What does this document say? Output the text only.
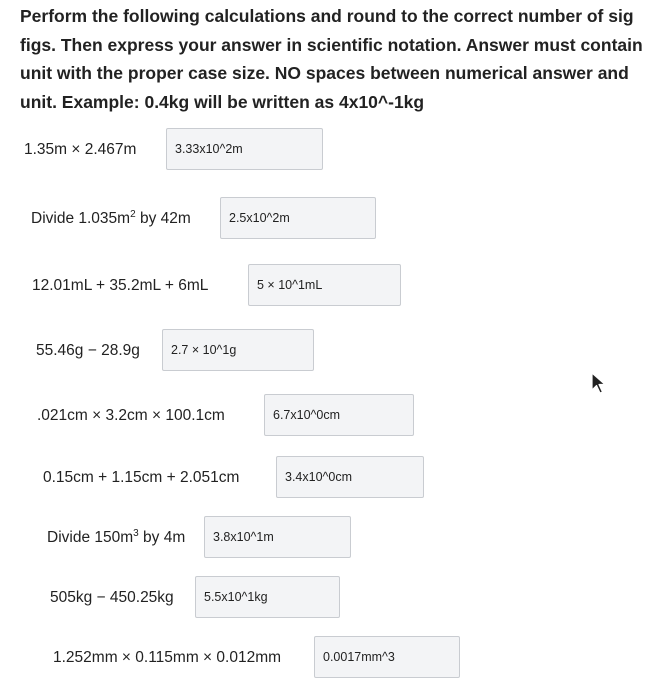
Perform the following calculations and round to the correct number of sig
figs. Then express your answer in scientific notation. Answer must contain
unit with the proper case size. NO spaces between numerical answer and
unit. Example: 0.4kg will be written as 4x10^-1kg
1.35m × 2.467m	3.33x10^2m
Divide $1.035m^2$ by 42m	2.5x10^2m
12.01mL + 35.2mL + 6mL	5 × 10^1mL
55.46g − 28.9g	2.7 × 10^1g
.021cm × 3.2cm × 100.1cm	6.7x10^0cm
0.15cm + 1.15cm + 2.051cm	3.4x10^0cm
Divide $150m^3$ by 4m	3.8x10^1m
505kg − 450.25kg	5.5x10^1kg
1.252mm × 0.115mm × 0.012mm	0.0017mm^3
